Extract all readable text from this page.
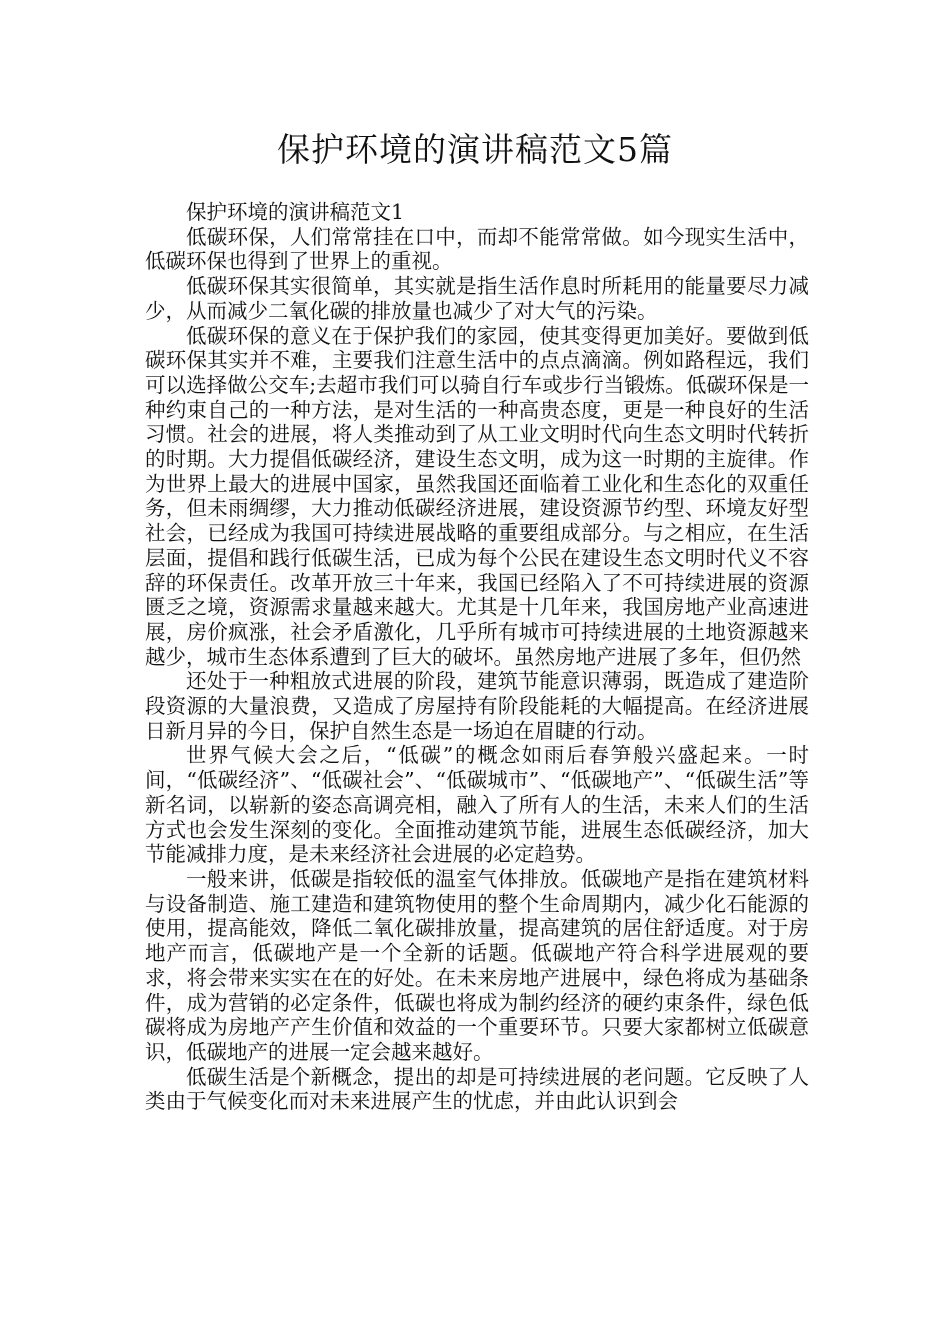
保护环境的演讲稿范文5篇

保护环境的演讲稿范文1

低碳环保，人们常常挂在口中，而却不能常常做。如今现实生活中，低碳环保也得到了世界上的重视。

低碳环保其实很简单，其实就是指生活作息时所耗用的能量要尽力减少，从而减少二氧化碳的排放量也减少了对大气的污染。

低碳环保的意义在于保护我们的家园，使其变得更加美好。要做到低碳环保其实并不难，主要我们注意生活中的点点滴滴。例如路程远，我们可以选择做公交车;去超市我们可以骑自行车或步行当锻炼。低碳环保是一种约束自己的一种方法，是对生活的一种高贵态度，更是一种良好的生活习惯。社会的进展，将人类推动到了从工业文明时代向生态文明时代转折的时期。大力提倡低碳经济，建设生态文明，成为这一时期的主旋律。作为世界上最大的进展中国家，虽然我国还面临着工业化和生态化的双重任务，但未雨绸缪，大力推动低碳经济进展，建设资源节约型、环境友好型社会，已经成为我国可持续进展战略的重要组成部分。与之相应，在生活层面，提倡和践行低碳生活，已成为每个公民在建设生态文明时代义不容辞的环保责任。改革开放三十年来，我国已经陷入了不可持续进展的资源匮乏之境，资源需求量越来越大。尤其是十几年来，我国房地产业高速进展，房价疯涨，社会矛盾激化，几乎所有城市可持续进展的土地资源越来越少，城市生态体系遭到了巨大的破坏。虽然房地产进展了多年，但仍然

还处于一种粗放式进展的阶段，建筑节能意识薄弱，既造成了建造阶段资源的大量浪费，又造成了房屋持有阶段能耗的大幅提高。在经济进展日新月异的今日，保护自然生态是一场迫在眉睫的行动。

世界气候大会之后，“低碳”的概念如雨后春笋般兴盛起来。一时间，“低碳经济”、“低碳社会”、“低碳城市”、“低碳地产”、“低碳生活”等新名词，以崭新的姿态高调亮相，融入了所有人的生活，未来人们的生活方式也会发生深刻的变化。全面推动建筑节能，进展生态低碳经济，加大节能减排力度，是未来经济社会进展的必定趋势。

一般来讲，低碳是指较低的温室气体排放。低碳地产是指在建筑材料与设备制造、施工建造和建筑物使用的整个生命周期内，减少化石能源的使用，提高能效，降低二氧化碳排放量，提高建筑的居住舒适度。对于房地产而言，低碳地产是一个全新的话题。低碳地产符合科学进展观的要求，将会带来实实在在的好处。在未来房地产进展中，绿色将成为基础条件，成为营销的必定条件，低碳也将成为制约经济的硬约束条件，绿色低碳将成为房地产产生价值和效益的一个重要环节。只要大家都树立低碳意识，低碳地产的进展一定会越来越好。

低碳生活是个新概念，提出的却是可持续进展的老问题。它反映了人类由于气候变化而对未来进展产生的忧虑，并由此认识到会
